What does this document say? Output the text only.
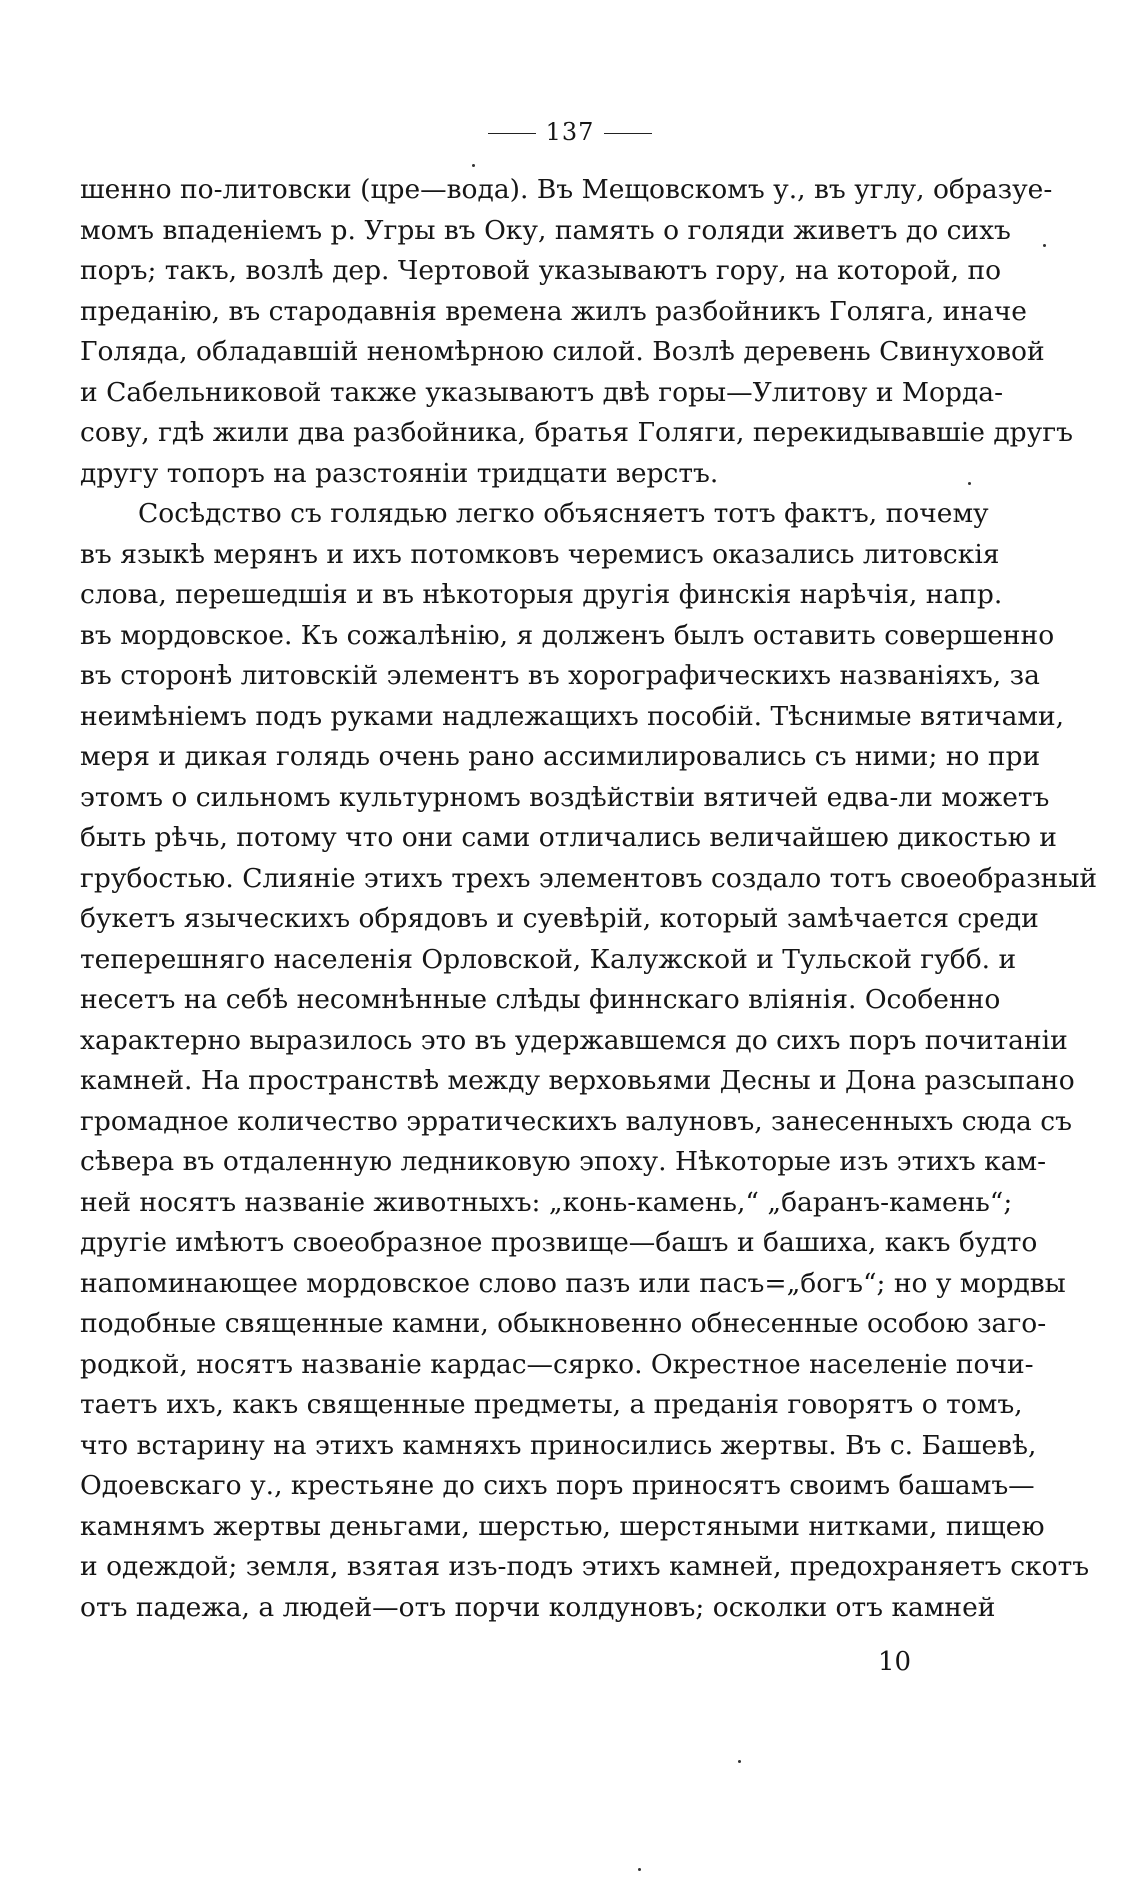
137
шенно по-литовски (цре—вода). Въ Мещовскомъ у., въ углу, образуе-
момъ впаденіемъ р. Угры въ Оку, память о голяди живетъ до сихъ
поръ; такъ, возлѣ дер. Чертовой указываютъ гору, на которой, по
преданію, въ стародавнія времена жилъ разбойникъ Голяга, иначе
Голяда, обладавшій неномѣрною силой. Возлѣ деревень Свинуховой
и Сабельниковой также указываютъ двѣ горы—Улитову и Морда-
сову, гдѣ жили два разбойника, братья Голяги, перекидывавшіе другъ
другу топоръ на разстояніи тридцати верстъ.
Сосѣдство съ голядью легко объясняетъ тотъ фактъ, почему
въ языкѣ мерянъ и ихъ потомковъ черемисъ оказались литовскія
слова, перешедшія и въ нѣкоторыя другія финскія нарѣчія, напр.
въ мордовское. Къ сожалѣнію, я долженъ былъ оставить совершенно
въ сторонѣ литовскій элементъ въ хорографическихъ названіяхъ, за
неимѣніемъ подъ руками надлежащихъ пособій. Тѣснимые вятичами,
меря и дикая голядь очень рано ассимилировались съ ними; но при
этомъ о сильномъ культурномъ воздѣйствіи вятичей едва-ли можетъ
быть рѣчь, потому что они сами отличались величайшею дикостью и
грубостью. Слияніе этихъ трехъ элементовъ создало тотъ своеобразный
букетъ языческихъ обрядовъ и суевѣрій, который замѣчается среди
теперешняго населенія Орловской, Калужской и Тульской губб. и
несетъ на себѣ несомнѣнные слѣды финнскаго вліянія. Особенно
характерно выразилось это въ удержавшемся до сихъ поръ почитаніи
камней. На пространствѣ между верховьями Десны и Дона разсыпано
громадное количество эрратическихъ валуновъ, занесенныхъ сюда съ
сѣвера въ отдаленную ледниковую эпоху. Нѣкоторые изъ этихъ кам-
ней носятъ названіе животныхъ: „конь-камень,“ „баранъ-камень“;
другіе имѣютъ своеобразное прозвище—башъ и башиха, какъ будто
напоминающее мордовское слово пазъ или пасъ=„богъ“; но у мордвы
подобные священные камни, обыкновенно обнесенные особою заго-
родкой, носятъ названіе кардас—сярко. Окрестное населеніе почи-
таетъ ихъ, какъ священные предметы, а преданія говорятъ о томъ,
что встарину на этихъ камняхъ приносились жертвы. Въ с. Башевѣ,
Одоевскаго у., крестьяне до сихъ поръ приносятъ своимъ башамъ—
камнямъ жертвы деньгами, шерстью, шерстяными нитками, пищею
и одеждой; земля, взятая изъ-подъ этихъ камней, предохраняетъ скотъ
отъ падежа, а людей—отъ порчи колдуновъ; осколки отъ камней
10
